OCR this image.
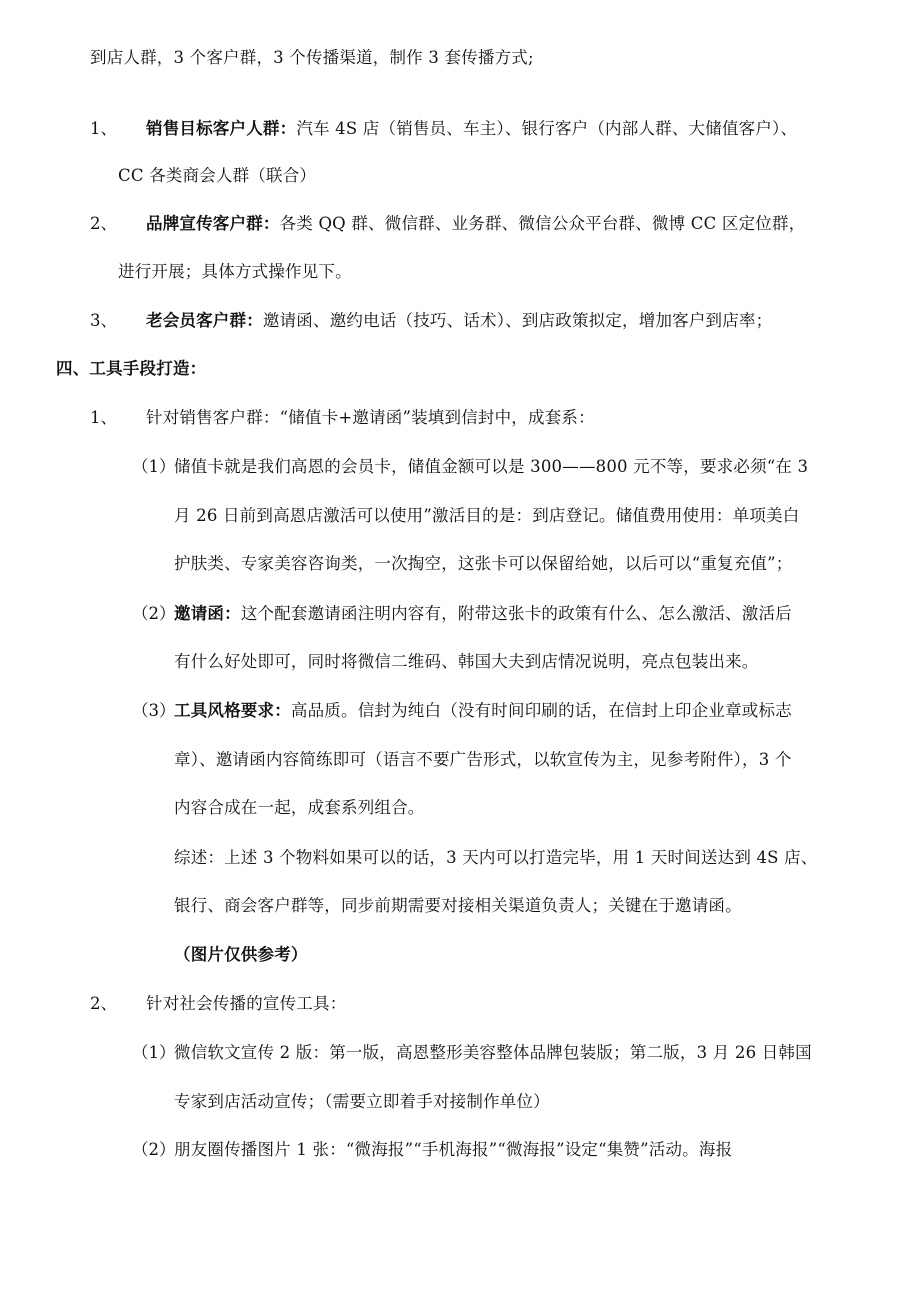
到店人群，3 个客户群，3 个传播渠道，制作 3 套传播方式;
1、 销售目标客户人群：汽车 4S 店（销售员、车主）、银行客户（内部人群、大储值客户）、
CC 各类商会人群（联合）
2、 品牌宣传客户群：各类 QQ 群、微信群、业务群、微信公众平台群、微博 CC 区定位群，
进行开展；具体方式操作见下。
3、 老会员客户群：邀请函、邀约电话（技巧、话术）、到店政策拟定，增加客户到店率；
四、工具手段打造：
1、 针对销售客户群：“储值卡+邀请函”装填到信封中，成套系：
（1）
储值卡就是我们高恩的会员卡，储值金额可以是 300——800 元不等，要求必须“在 3
月 26 日前到高恩店激活可以使用”激活目的是：到店登记。储值费用使用：单项美白
护肤类、专家美容咨询类，一次掏空，这张卡可以保留给她，以后可以“重复充值”；
（2）
邀请函：这个配套邀请函注明内容有，附带这张卡的政策有什么、怎么激活、激活后
有什么好处即可，同时将微信二维码、韩国大夫到店情况说明，亮点包装出来。
（3）
工具风格要求：高品质。信封为纯白（没有时间印刷的话，在信封上印企业章或标志
章）、邀请函内容简练即可（语言不要广告形式，以软宣传为主，见参考附件），3 个
内容合成在一起，成套系列组合。
综述：上述 3 个物料如果可以的话，3 天内可以打造完毕，用 1 天时间送达到 4S 店、
银行、商会客户群等，同步前期需要对接相关渠道负责人；关键在于邀请函。
（图片仅供参考）
2、 针对社会传播的宣传工具：
（1）
微信软文宣传 2 版：第一版，高恩整形美容整体品牌包装版；第二版，3 月 26 日韩国
专家到店活动宣传；（需要立即着手对接制作单位）
（2）
朋友圈传播图片 1 张：“微海报”“手机海报”“微海报”设定“集赞”活动。海报
